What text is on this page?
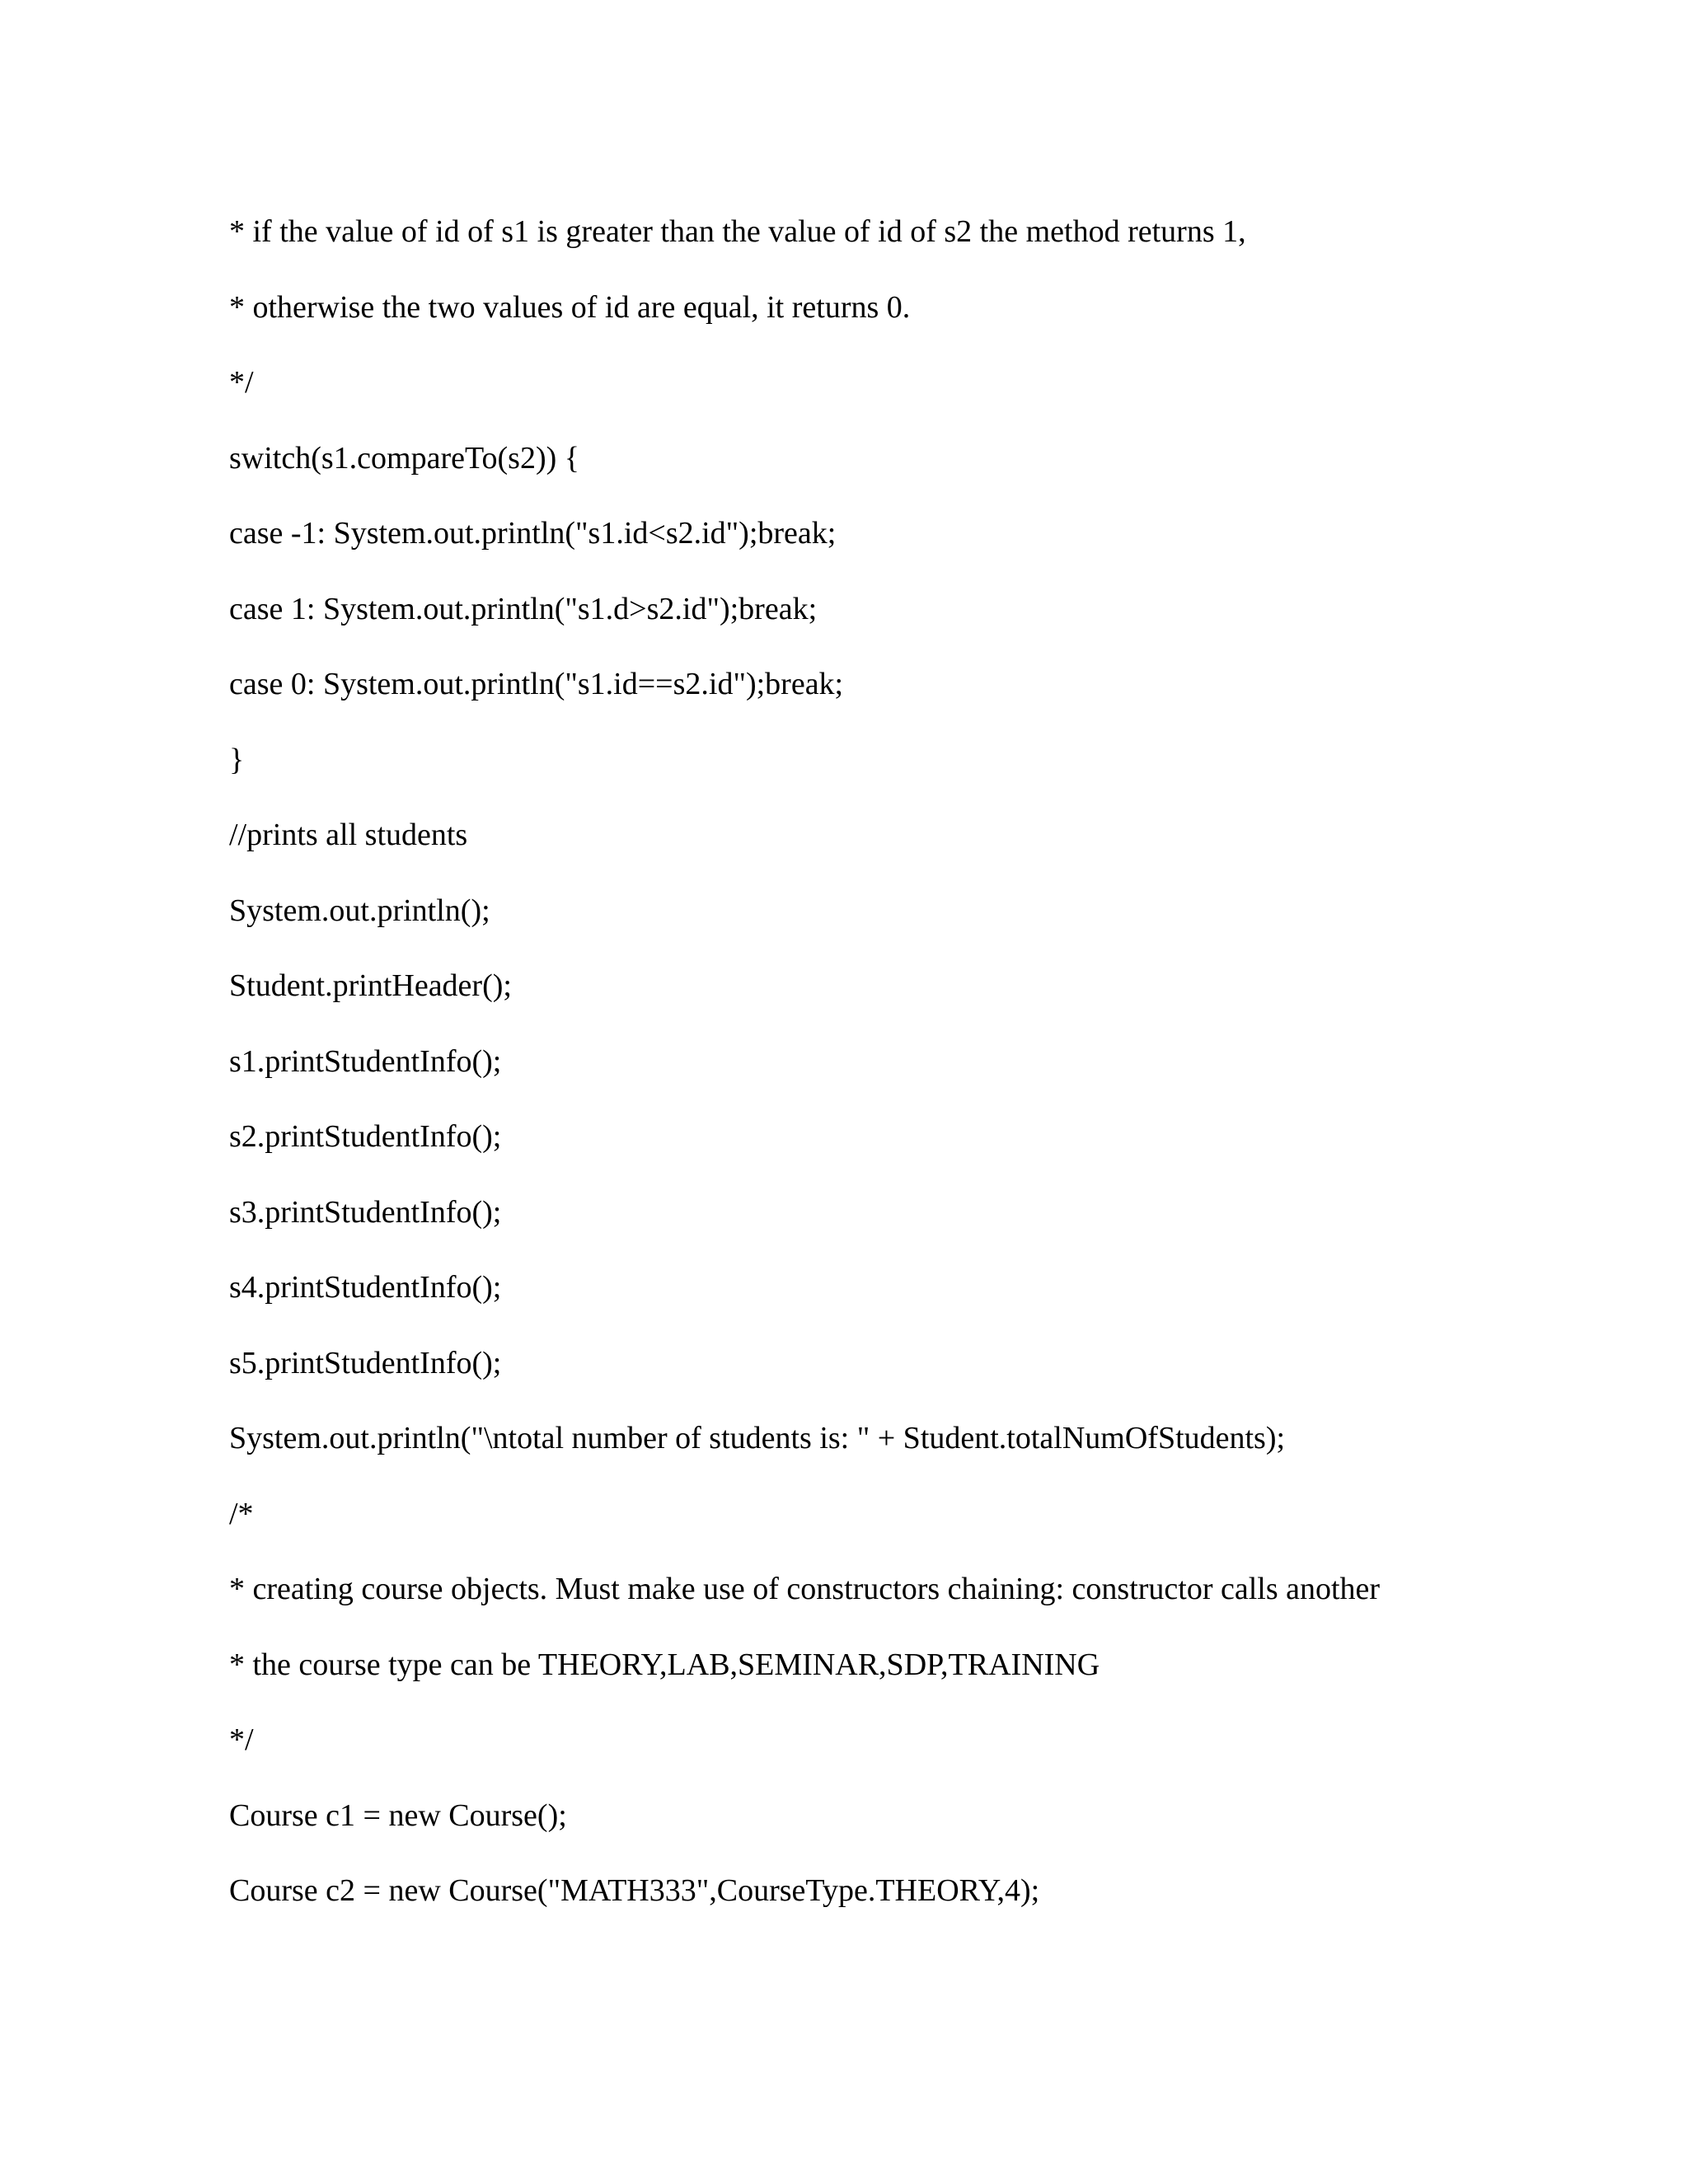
* if the value of id of s1 is greater than the value of id of s2 the method returns 1,

* otherwise the two values of id are equal, it returns 0.

*/

switch(s1.compareTo(s2)) {

case -1: System.out.println("s1.id<s2.id");break;

case 1: System.out.println("s1.d>s2.id");break;

case 0: System.out.println("s1.id==s2.id");break;

}

//prints all students

System.out.println();

Student.printHeader();

s1.printStudentInfo();

s2.printStudentInfo();

s3.printStudentInfo();

s4.printStudentInfo();

s5.printStudentInfo();

System.out.println("\ntotal number of students is: " + Student.totalNumOfStudents);

/*

* creating course objects. Must make use of constructors chaining: constructor calls another

* the course type can be THEORY,LAB,SEMINAR,SDP,TRAINING

*/

Course c1 = new Course();

Course c2 = new Course("MATH333",CourseType.THEORY,4);
